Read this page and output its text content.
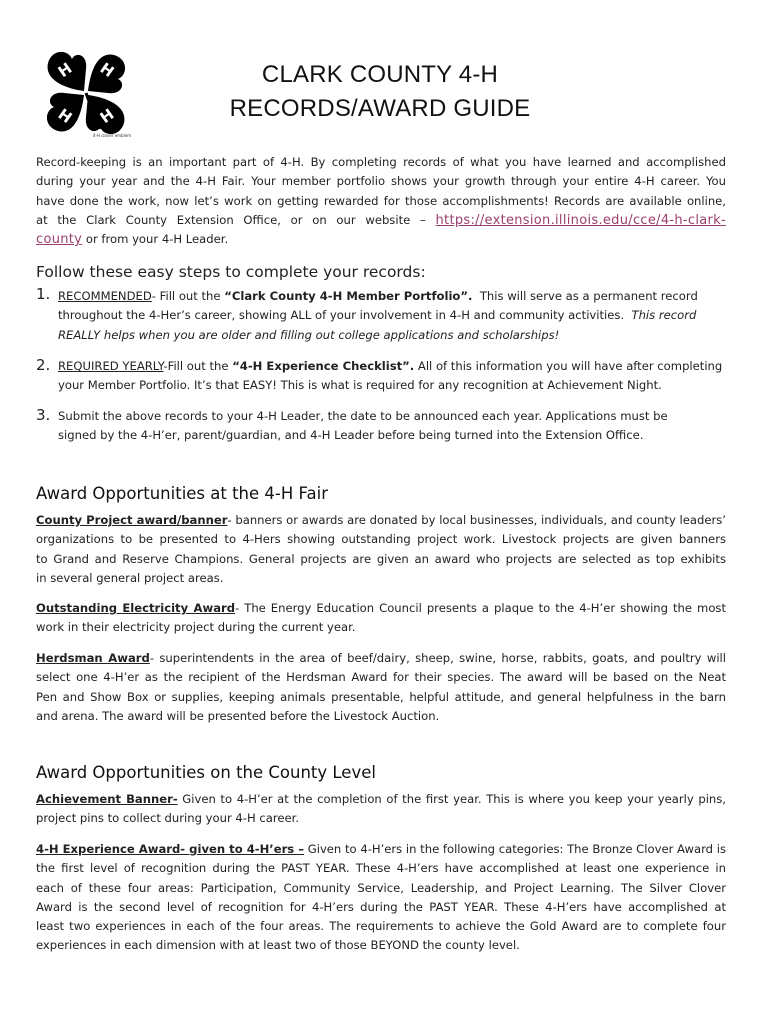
H H
H
H
4-H clover emblem
CLARK COUNTY 4-H
RECORDS/AWARD GUIDE
Record-keeping is an important part of 4-H. By completing records of what you have learned and accomplished
during your year and the 4-H Fair. Your member portfolio shows your growth through your entire 4-H career. You
have done the work, now let’s work on getting rewarded for those accomplishments! Records are available online,
at the Clark County Extension Office, or on our website – https://extension.illinois.edu/cce/4-h-clark-
county or from your 4-H Leader.
Follow these easy steps to complete your records:
1. RECOMMENDED- Fill out the “Clark County 4-H Member Portfolio”. This will serve as a permanent record
throughout the 4-Her’s career, showing ALL of your involvement in 4-H and community activities. This record
REALLY helps when you are older and filling out college applications and scholarships!
2. REQUIRED YEARLY-Fill out the “4-H Experience Checklist”. All of this information you will have after completing
your Member Portfolio. It’s that EASY! This is what is required for any recognition at Achievement Night.
3. Submit the above records to your 4-H Leader, the date to be announced each year. Applications must be
signed by the 4-H’er, parent/guardian, and 4-H Leader before being turned into the Extension Office.
Award Opportunities at the 4-H Fair
County Project award/banner- banners or awards are donated by local businesses, individuals, and county leaders’
organizations to be presented to 4-Hers showing outstanding project work. Livestock projects are given banners
to Grand and Reserve Champions. General projects are given an award who projects are selected as top exhibits
in several general project areas.
Outstanding Electricity Award- The Energy Education Council presents a plaque to the 4-H’er showing the most
work in their electricity project during the current year.
Herdsman Award- superintendents in the area of beef/dairy, sheep, swine, horse, rabbits, goats, and poultry will
select one 4-H’er as the recipient of the Herdsman Award for their species. The award will be based on the Neat
Pen and Show Box or supplies, keeping animals presentable, helpful attitude, and general helpfulness in the barn
and arena. The award will be presented before the Livestock Auction.
Award Opportunities on the County Level
Achievement Banner- Given to 4-H’er at the completion of the first year. This is where you keep your yearly pins,
project pins to collect during your 4-H career.
4-H Experience Award- given to 4-H’ers – Given to 4-H’ers in the following categories: The Bronze Clover Award is
the first level of recognition during the PAST YEAR. These 4-H’ers have accomplished at least one experience in
each of these four areas: Participation, Community Service, Leadership, and Project Learning. The Silver Clover
Award is the second level of recognition for 4-H’ers during the PAST YEAR. These 4-H’ers have accomplished at
least two experiences in each of the four areas. The requirements to achieve the Gold Award are to complete four
experiences in each dimension with at least two of those BEYOND the county level.
